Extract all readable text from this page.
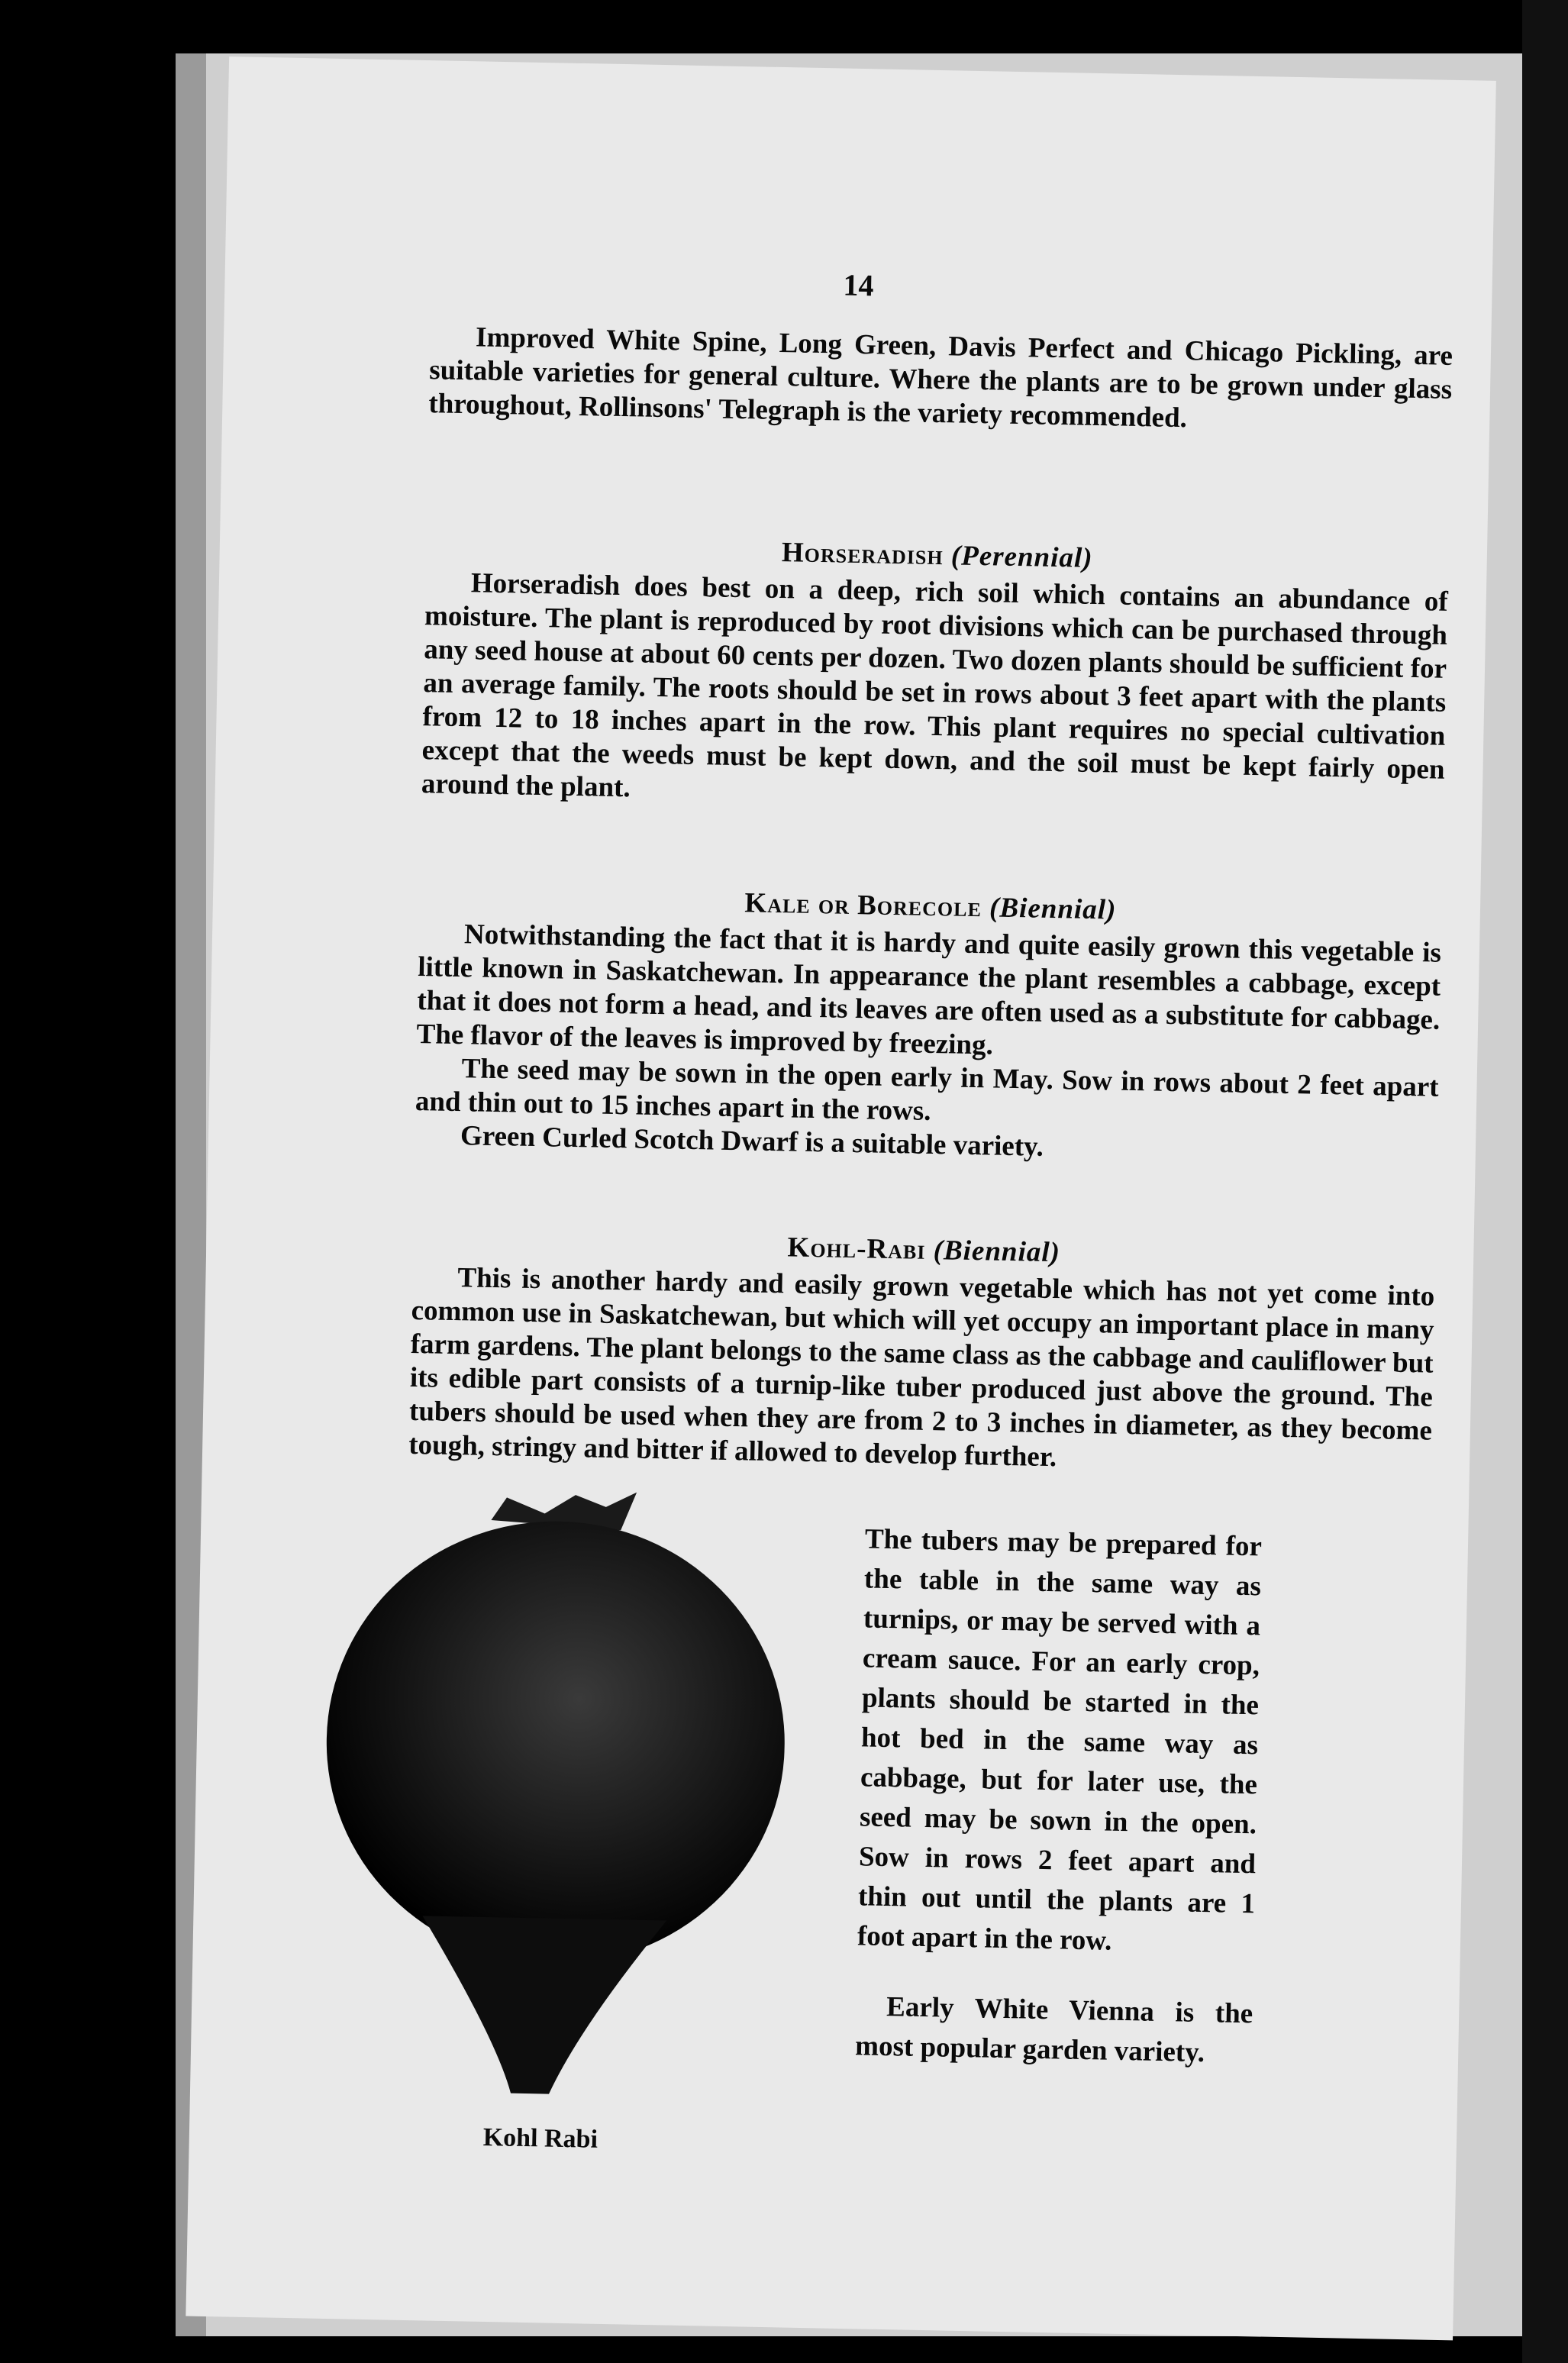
14

Improved White Spine, Long Green, Davis Perfect and Chicago Pickling, are suitable varieties for general culture. Where the plants are to be grown under glass throughout, Rollinsons' Telegraph is the variety recommended.

Horseradish (Perennial)

Horseradish does best on a deep, rich soil which contains an abundance of moisture. The plant is reproduced by root divisions which can be purchased through any seed house at about 60 cents per dozen. Two dozen plants should be sufficient for an average family. The roots should be set in rows about 3 feet apart with the plants from 12 to 18 inches apart in the row. This plant requires no special cultivation except that the weeds must be kept down, and the soil must be kept fairly open around the plant.

Kale or Borecole (Biennial)

Notwithstanding the fact that it is hardy and quite easily grown this vegetable is little known in Saskatchewan. In appearance the plant resembles a cabbage, except that it does not form a head, and its leaves are often used as a substitute for cabbage. The flavor of the leaves is improved by freezing.

The seed may be sown in the open early in May. Sow in rows about 2 feet apart and thin out to 15 inches apart in the rows.

Green Curled Scotch Dwarf is a suitable variety.

Kohl-Rabi (Biennial)

This is another hardy and easily grown vegetable which has not yet come into common use in Saskatchewan, but which will yet occupy an important place in many farm gardens. The plant belongs to the same class as the cabbage and cauliflower but its edible part consists of a turnip-like tuber produced just above the ground. The tubers should be used when they are from 2 to 3 inches in diameter, as they become tough, stringy and bitter if allowed to develop further.

Kohl Rabi

The tubers may be prepared for the table in the same way as turnips, or may be served with a cream sauce. For an early crop, plants should be started in the hot bed in the same way as cabbage, but for later use, the seed may be sown in the open. Sow in rows 2 feet apart and thin out until the plants are 1 foot apart in the row.

Early White Vienna is the most popular garden variety.
